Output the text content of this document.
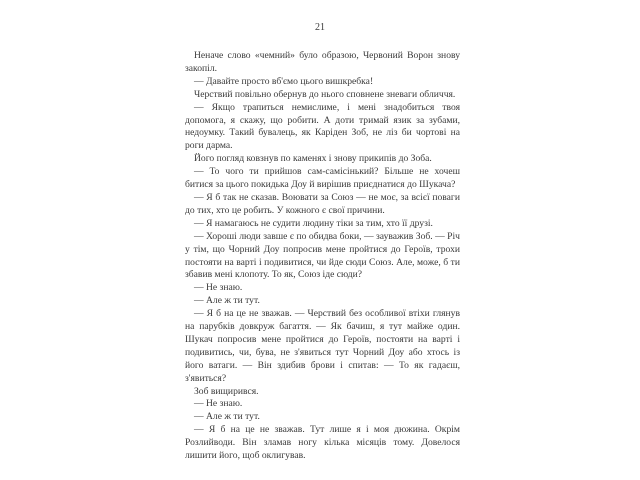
21

Неначе слово «чемний» було образою, Червоний Ворон знову закопіл.

— Давайте просто вб'ємо цього вишкребка!

Черствий повільно обернув до нього сповнене зневаги обличчя.

— Якщо трапиться немислиме, і мені знадобиться твоя допомога, я скажу, що робити. А доти тримай язик за зубами, недоумку. Такий бувалець, як Каріден Зоб, не ліз би чортові на роги дарма.

Його погляд ковзнув по каменях і знову прикипів до Зоба.

— То чого ти прийшов сам-самісінький? Більше не хочеш битися за цього покидька Доу й вирішив приєднатися до Шукача?

— Я б так не сказав. Воювати за Союз — не моє, за всієї поваги до тих, хто це робить. У кожного є свої причини.

— Я намагаюсь не судити людину тіки за тим, хто її друзі.

— Хороші люди завше є по обидва боки, — зауважив Зоб. — Річ у тім, що Чорний Доу попросив мене пройтися до Героїв, трохи постояти на варті і подивитися, чи йде сюди Союз. Але, може, б ти збавив мені клопоту. То як, Союз іде сюди?

— Не знаю.

— Але ж ти тут.

— Я б на це не зважав. — Черствий без особливої втіхи глянув на парубків довкруж багаття. — Як бачиш, я тут майже один. Шукач попросив мене пройтися до Героїв, постояти на варті і подивитись, чи, бува, не з'явиться тут Чорний Доу або хтось із його ватаги. — Він здибив брови і спитав: — То як гадаєш, з'явиться?

Зоб вищирився.

— Не знаю.

— Але ж ти тут.

— Я б на це не зважав. Тут лише я і моя дюжина. Окрім Розлийводи. Він зламав ногу кілька місяців тому. Довелося лишити його, щоб оклигував.
